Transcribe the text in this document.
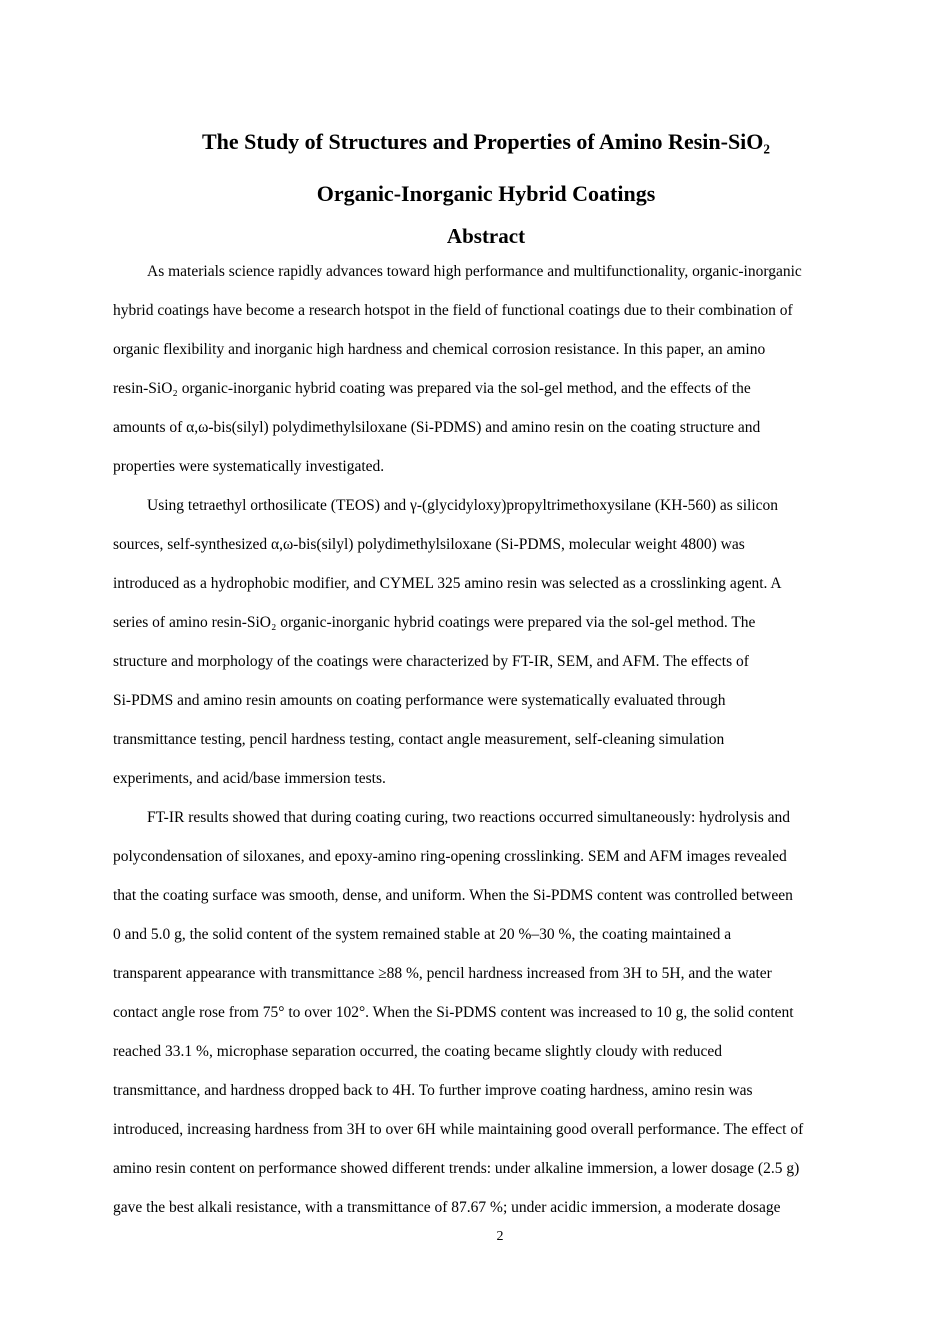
The Study of Structures and Properties of Amino Resin-SiO₂
Organic-Inorganic Hybrid Coatings
Abstract

As materials science rapidly advances toward high performance and multifunctionality, organic-inorganic

hybrid coatings have become a research hotspot in the field of functional coatings due to their combination of

organic flexibility and inorganic high hardness and chemical corrosion resistance. In this paper, an amino

resin-SiO₂ organic-inorganic hybrid coating was prepared via the sol-gel method, and the effects of the

amounts of α,ω-bis(silyl) polydimethylsiloxane (Si-PDMS) and amino resin on the coating structure and

properties were systematically investigated.

Using tetraethyl orthosilicate (TEOS) and γ-(glycidyloxy)propyltrimethoxysilane (KH-560) as silicon

sources, self-synthesized α,ω-bis(silyl) polydimethylsiloxane (Si-PDMS, molecular weight 4800) was

introduced as a hydrophobic modifier, and CYMEL 325 amino resin was selected as a crosslinking agent. A

series of amino resin-SiO₂ organic-inorganic hybrid coatings were prepared via the sol-gel method. The

structure and morphology of the coatings were characterized by FT-IR, SEM, and AFM. The effects of

Si-PDMS and amino resin amounts on coating performance were systematically evaluated through

transmittance testing, pencil hardness testing, contact angle measurement, self-cleaning simulation

experiments, and acid/base immersion tests.

FT-IR results showed that during coating curing, two reactions occurred simultaneously: hydrolysis and

polycondensation of siloxanes, and epoxy-amino ring-opening crosslinking. SEM and AFM images revealed

that the coating surface was smooth, dense, and uniform. When the Si-PDMS content was controlled between

0 and 5.0 g, the solid content of the system remained stable at 20 %–30 %, the coating maintained a

transparent appearance with transmittance ≥88 %, pencil hardness increased from 3H to 5H, and the water

contact angle rose from 75° to over 102°. When the Si-PDMS content was increased to 10 g, the solid content

reached 33.1 %, microphase separation occurred, the coating became slightly cloudy with reduced

transmittance, and hardness dropped back to 4H. To further improve coating hardness, amino resin was

introduced, increasing hardness from 3H to over 6H while maintaining good overall performance. The effect of

amino resin content on performance showed different trends: under alkaline immersion, a lower dosage (2.5 g)

gave the best alkali resistance, with a transmittance of 87.67 %; under acidic immersion, a moderate dosage

2
